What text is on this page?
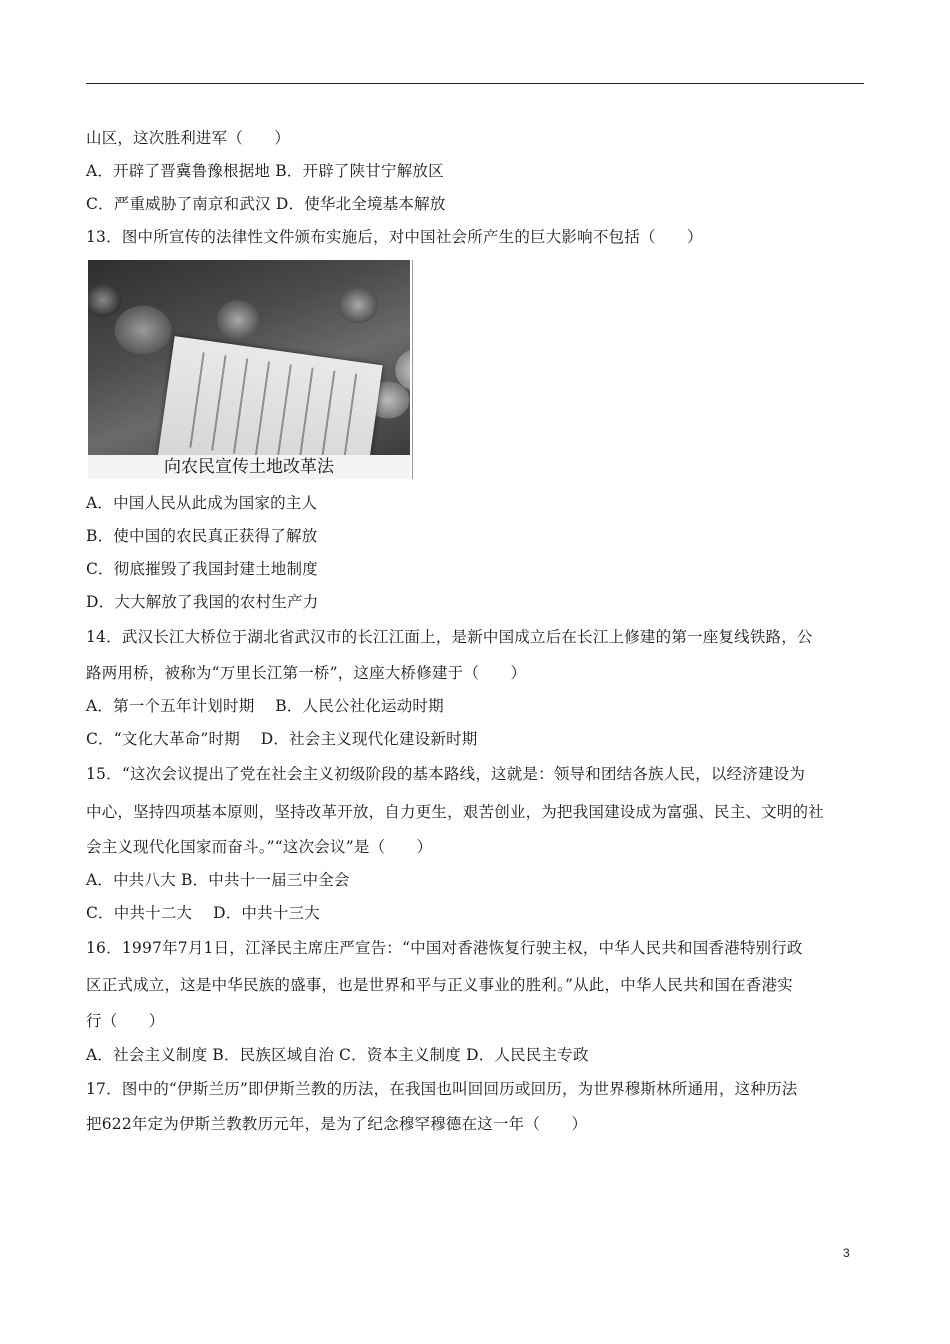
山区，这次胜利进军（　　）
A．开辟了晋冀鲁豫根据地 B．开辟了陕甘宁解放区
C．严重威胁了南京和武汉 D．使华北全境基本解放
13．图中所宣传的法律性文件颁布实施后，对中国社会所产生的巨大影响不包括（　　）
向农民宣传土地改革法
A．中国人民从此成为国家的主人
B．使中国的农民真正获得了解放
C．彻底摧毁了我国封建土地制度
D．大大解放了我国的农村生产力
14．武汉长江大桥位于湖北省武汉市的长江江面上，是新中国成立后在长江上修建的第一座复线铁路，公
路两用桥，被称为“万里长江第一桥”，这座大桥修建于（　　）
A．第一个五年计划时期　 B．人民公社化运动时期
C．“文化大革命”时期　 D．社会主义现代化建设新时期
15．“这次会议提出了党在社会主义初级阶段的基本路线，这就是：领导和团结各族人民，以经济建设为
中心，坚持四项基本原则，坚持改革开放，自力更生，艰苦创业，为把我国建设成为富强、民主、文明的社
会主义现代化国家而奋斗。”“这次会议”是（　　）
A．中共八大 B．中共十一届三中全会
C．中共十二大　 D．中共十三大
16．1997年7月1日，江泽民主席庄严宣告：“中国对香港恢复行驶主权，中华人民共和国香港特别行政
区正式成立，这是中华民族的盛事，也是世界和平与正义事业的胜利。”从此，中华人民共和国在香港实
行（　　）
A．社会主义制度 B．民族区域自治 C．资本主义制度 D．人民民主专政
17．图中的“伊斯兰历”即伊斯兰教的历法，在我国也叫回回历或回历，为世界穆斯林所通用，这种历法
把622年定为伊斯兰教教历元年，是为了纪念穆罕穆德在这一年（　　）
3
